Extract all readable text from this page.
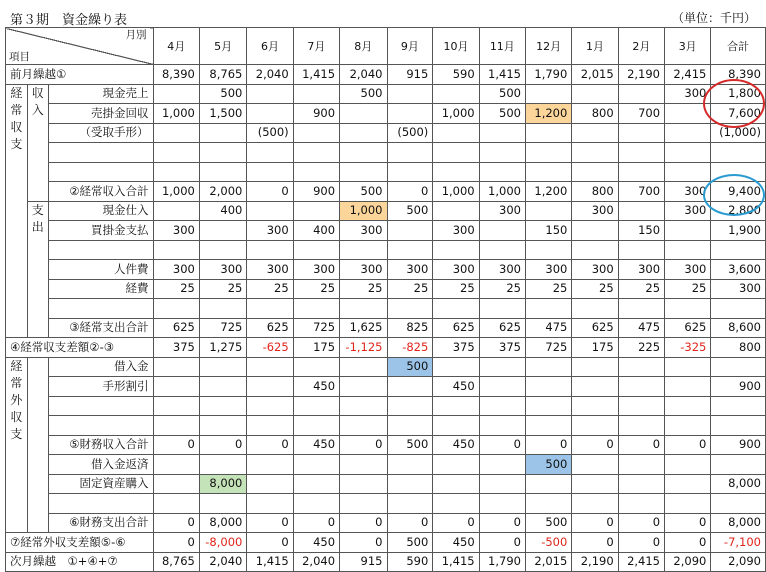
第３期　資金繰り表	（単位：千円）
月別
項目			4月	5月	6月	7月	8月	9月	10月	11月	12月	1月	2月	3月	合計
前月繰越①			8,390	8,765	2,040	1,415	2,040	915	590	1,415	1,790	2,015	2,190	2,415	8,390

経
常
収
支	収
入	現金売上		500			500			500				300	1,800
		売掛金回収	1,000	1,500		900			1,000	500	1,200	800	700		7,600
		（受取手形）			(500)			(500)							(1,000)

		②経常収入合計	1,000	2,000	0	900	500	0	1,000	1,000	1,200	800	700	300	9,400

	支
出	現金仕入		400			1,000	500		300		300		300	2,800
		買掛金支払	300		300	400	300		300		150		150		1,900

		人件費	300	300	300	300	300	300	300	300	300	300	300	300	3,600
		経費	25	25	25	25	25	25	25	25	25	25	25	25	300

		③経常支出合計	625	725	625	725	1,625	825	625	625	475	625	475	625	8,600
④経常収支差額②-③			375	1,275	-625	175	-1,125	-825	375	375	725	175	225	-325	800

経
常
外
収
支		借入金						500							
		手形割引				450			450						900

		⑤財務収入合計	0	0	0	450	0	500	450	0	0	0	0	0	900
		借入金返済									500				
		固定資産購入		8,000											8,000

		⑥財務支出合計	0	8,000	0	0	0	0	0	0	500	0	0	0	8,000
⑦経常外収支差額⑤-⑥			0	-8,000	0	450	0	500	450	0	-500	0	0	0	-7,100
次月繰越　①+④+⑦			8,765	2,040	1,415	2,040	915	590	1,415	1,790	2,015	2,190	2,415	2,090	2,090
